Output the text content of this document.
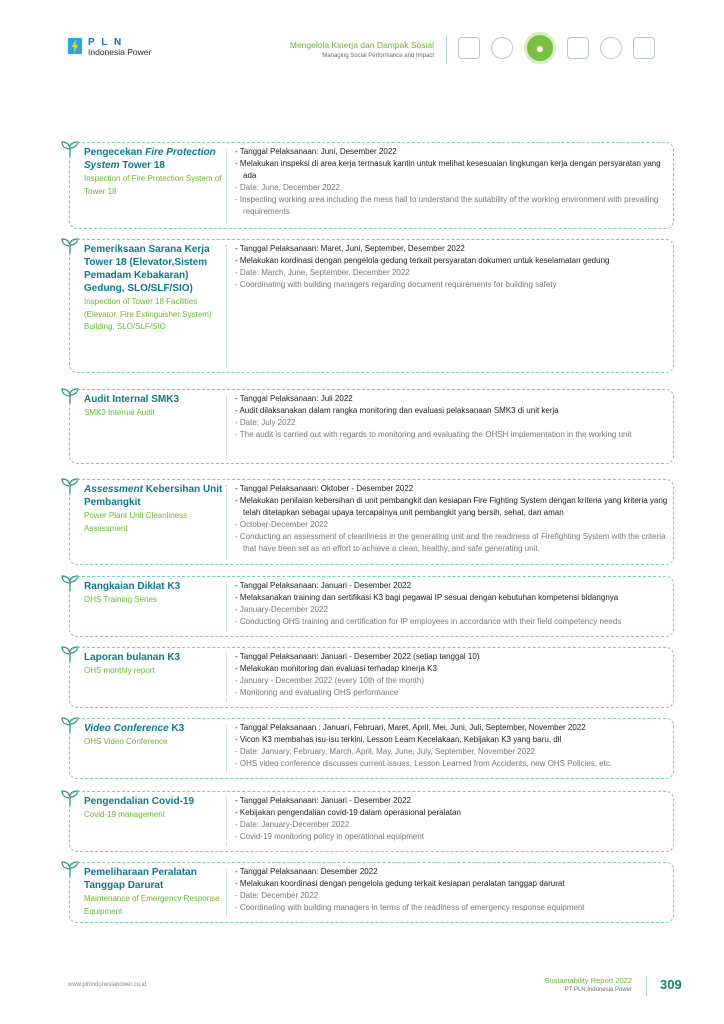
P L N
Indonesia Power
Mengelola Kinerja dan Dampak Sosial
Managing Social Performance and Impact	●
Pengecekan Fire Protection System Tower 18
Inspection of Fire Protection System of Tower 18
- Tanggal Pelaksanaan: Juni, Desember 2022
- Melakukan inspeksi di area kerja termasuk kantin untuk melihat kesesuaian lingkungan kerja dengan persyaratan yang ada
- Date: June, December 2022
- Inspecting working area including the mess hall to understand the suitability of the working environment with prevailing requirements
Pemeriksaan Sarana Kerja Tower 18 (Elevator,Sistem Pemadam Kebakaran) Gedung, SLO/SLF/SIO)
Inspection of Tower 18 Facilities (Elevator, Fire Extinguisher System) Building, SLO/SLF/SIO
- Tanggal Pelaksanaan: Maret, Juni, September, Desember 2022
- Melakukan kordinasi dengan pengelola gedung terkait persyaratan dokumen untuk keselamatan gedung
- Date: March, June, September, December 2022
- Coordinating with building managers regarding document requirements for building safety
Audit Internal SMK3
SMK3 Internal Audit
- Tanggal Pelaksanaan: Juli 2022
- Audit dilaksanakan dalam rangka monitoring dan evaluasi pelaksanaan SMK3 di unit kerja
- Date: July 2022
- The audit is carried out with regards to monitoring and evaluating the OHSH implementation in the working unit
Assessment Kebersihan Unit Pembangkit
Power Plant Unit Cleanliness Assessment
- Tanggal Pelaksanaan: Oktober - Desember 2022
- Melakukan penilaian kebersihan di unit pembangkit dan kesiapan Fire Fighting System dengan kriteria yang kriteria yang telah ditetapkan sebagai upaya tercapainya unit pembangkit yang bersih, sehat, dan aman
- October-December 2022
- Conducting an assessment of cleanliness in the generating unit and the readiness of Firefighting System with the criteria that have been set as an effort to achieve a clean, healthy, and safe generating unit.
Rangkaian Diklat K3
OHS Training Series
- Tanggal Pelaksanaan: Januari - Desember 2022
- Melaksanakan training dan sertifikasi K3 bagi pegawai IP sesuai dengan kebutuhan kompetensi bidangnya
- January-December 2022
- Conducting OHS training and certification for IP employees in accordance with their field competency needs
Laporan bulanan K3
OHS monthly report
- Tanggal Pelaksanaan: Januari - Desember 2022 (setiap tanggal 10)
- Melakukan monitoring dan evaluasi terhadap kinerja K3
- January - December 2022 (every 10th of the month)
- Monitoring and evaluating OHS performance
Video Conference K3
OHS Video Conference
- Tanggal Pelaksanaan : Januari, Februari, Maret, April, Mei, Juni, Juli, September, November 2022
- Vicon K3 membahas isu-isu terkini, Lesson Learn Kecelakaan, Kebijakan K3 yang baru, dll
- Date: January, February, March, April, May, June, July, September, November 2022
- OHS video conference discusses current issues, Lesson Learned from Accidents, new OHS Policies, etc.
Pengendalian Covid-19
Covid-19 management
- Tanggal Pelaksanaan: Januari - Desember 2022
- Kebijakan pengendalian covid-19 dalam operasional peralatan
- Date: January-December 2022
- Covid-19 monitoring policy in operational equipment
Pemeliharaan Peralatan Tanggap Darurat
Maintenance of Emergency Response Equipment
- Tanggal Pelaksanaan: Desember 2022
- Melakukan koordinasi dengan pengelola gedung terkait kesiapan peralatan tanggap darurat
- Date: December 2022
- Coordinating with building managers in terms of the readiness of emergency response equipment
www.plnindonesiapower.co.id	Sustainability Report 2022
PT PLN Indonesia Power 309
